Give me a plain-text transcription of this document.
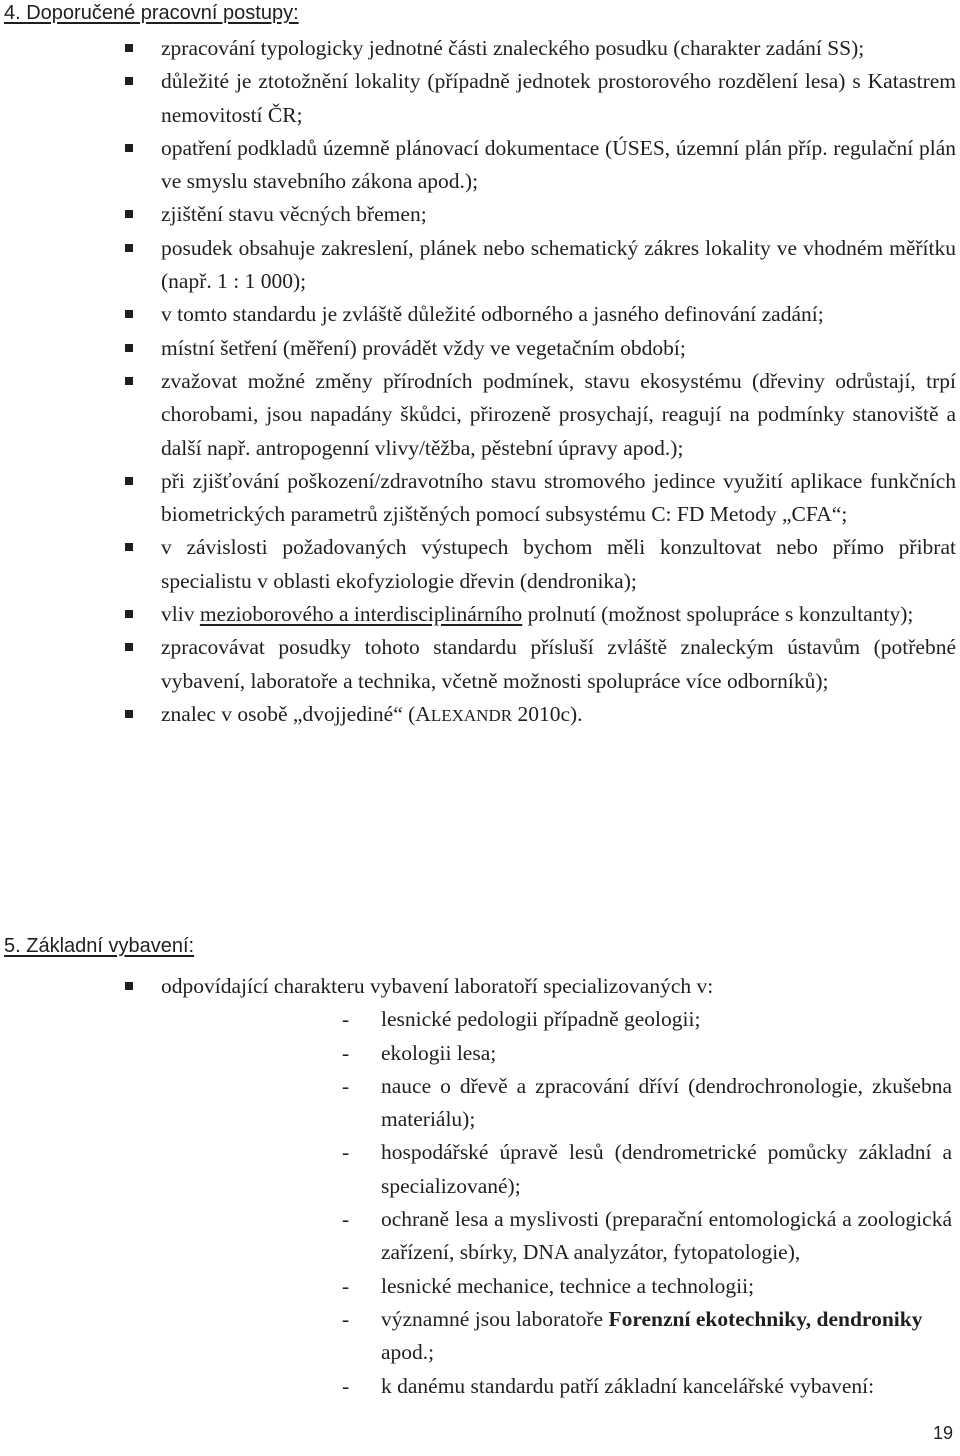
4. Doporučené pracovní postupy:
zpracování typologicky jednotné části znaleckého posudku (charakter zadání SS);
důležité je ztotožnění lokality (případně jednotek prostorového rozdělení lesa) s Katastrem nemovitostí ČR;
opatření podkladů územně plánovací dokumentace (ÚSES, územní plán příp. regulační plán ve smyslu stavebního zákona apod.);
zjištění stavu věcných břemen;
posudek obsahuje zakreslení, plánek nebo schematický zákres lokality ve vhodném měřítku (např. 1 : 1 000);
v tomto standardu je zvláště důležité odborného a jasného definování zadání;
místní šetření (měření) provádět vždy ve vegetačním období;
zvažovat možné změny přírodních podmínek, stavu ekosystému (dřeviny odrůstají, trpí chorobami, jsou napadány škůdci, přirozeně prosychají, reagují na podmínky stanoviště a další např. antropogenní vlivy/těžba, pěstební úpravy apod.);
při zjišťování poškození/zdravotního stavu stromového jedince využití aplikace funkčních biometrických parametrů zjištěných pomocí subsystému C: FD Metody „CFA“;
v závislosti požadovaných výstupech bychom měli konzultovat nebo přímo přibrat specialistu v oblasti ekofyziologie dřevin (dendronika);
vliv mezioborového a interdisciplinárního prolnutí (možnost spolupráce s konzultanty);
zpracovávat posudky tohoto standardu přísluší zvláště znaleckým ústavům (potřebné vybavení, laboratoře a technika, včetně možnosti spolupráce více odborníků);
znalec v osobě „dvojjediné“ (ALEXANDR 2010c).
5. Základní vybavení:
odpovídající charakteru vybavení laboratoří specializovaných v:
- lesnické pedologii případně geologii;
- ekologii lesa;
- nauce o dřevě a zpracování dříví (dendrochronologie, zkušebna materiálu);
- hospodářské úpravě lesů (dendrometrické pomůcky základní a specializované);
- ochraně lesa a myslivosti (preparační entomologická a zoologická zařízení, sbírky, DNA analyzátor, fytopatologie),
- lesnické mechanice, technice a technologii;
- významné jsou laboratoře Forenzní ekotechniky, dendroniky apod.;
- k danému standardu patří základní kancelářské vybavení:
19
